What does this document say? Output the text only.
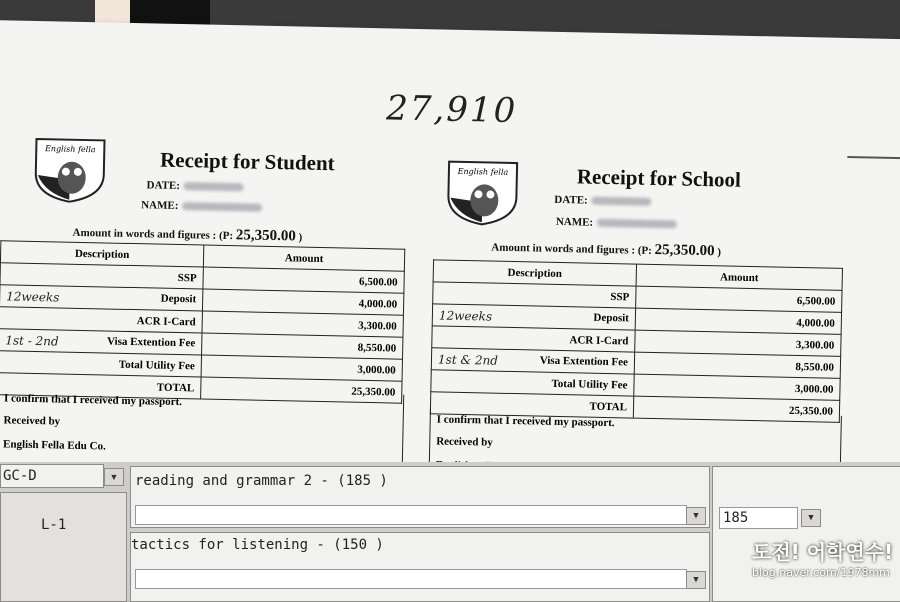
27,910
English fella	Receipt for Student
DATE:
NAME:
Amount in words and figures : (P: 25,350.00 )
Description	Amount
SSP	6,500.00

12weeks Deposit	4,000.00
ACR I-Card	3,300.00

1st - 2nd Visa Extention Fee	8,550.00
Total Utility Fee	3,000.00
TOTAL	25,350.00
I confirm that I received my passport.
Received by
English Fella Edu Co.
English fella	Receipt for School
DATE:
NAME:
Amount in words and figures : (P: 25,350.00 )
Description	Amount
SSP	6,500.00

12weeks Deposit	4,000.00
ACR I-Card	3,300.00

1st & 2nd Visa Extention Fee	8,550.00
Total Utility Fee	3,000.00
TOTAL	25,350.00
I confirm that I received my passport.
Received by
GC-D	▼
L-1
reading and grammar 2 - (185 )
▼
tactics for listening - (150 )
▼
185	▼
도전! 어학연수!
blog.naver.com/1978mm
